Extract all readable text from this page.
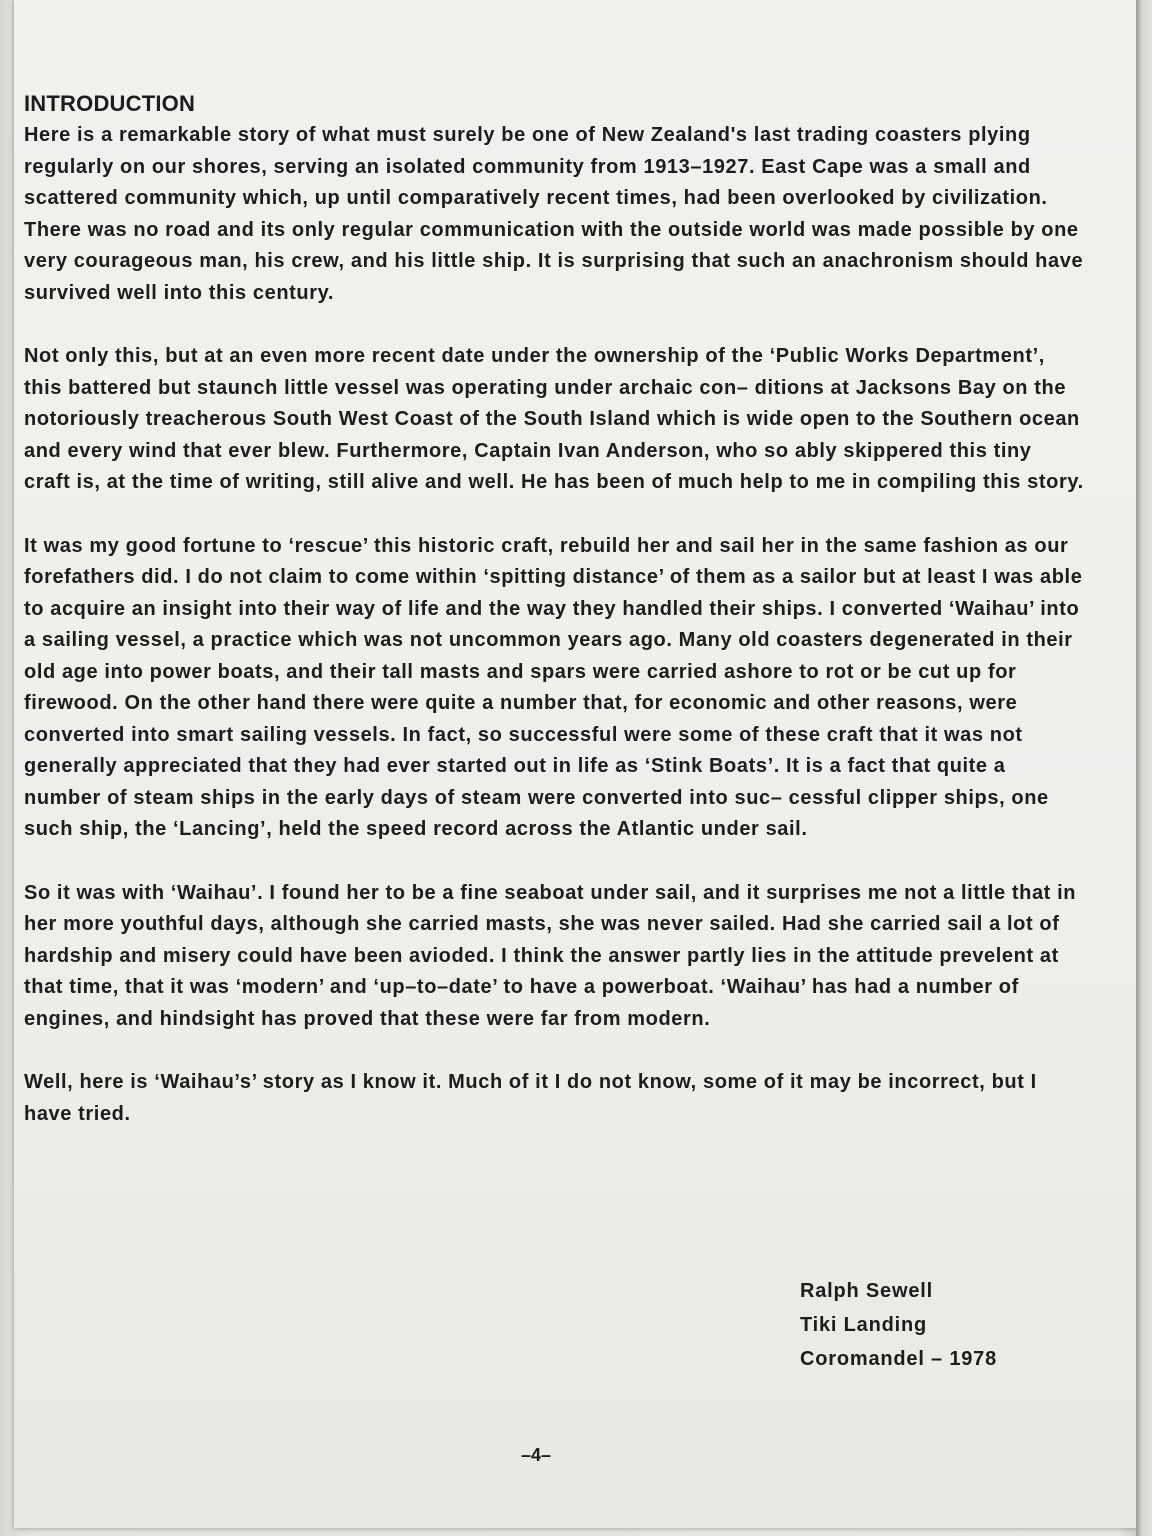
INTRODUCTION

Here is a remarkable story of what must surely be one of New Zealand's last trading coasters plying regularly on our shores, serving an isolated community from 1913–1927. East Cape was a small and scattered community which, up until comparatively recent times, had been overlooked by civilization. There was no road and its only regular communication with the outside world was made possible by one very courageous man, his crew, and his little ship. It is surprising that such an anachronism should have survived well into this century.

Not only this, but at an even more recent date under the ownership of the ‘Public Works Department’, this battered but staunch little vessel was operating under archaic con– ditions at Jacksons Bay on the notoriously treacherous South West Coast of the South Island which is wide open to the Southern ocean and every wind that ever blew. Furthermore, Captain Ivan Anderson, who so ably skippered this tiny craft is, at the time of writing, still alive and well. He has been of much help to me in compiling this story.

It was my good fortune to ‘rescue’ this historic craft, rebuild her and sail her in the same fashion as our forefathers did. I do not claim to come within ‘spitting distance’ of them as a sailor but at least I was able to acquire an insight into their way of life and the way they handled their ships. I converted ‘Waihau’ into a sailing vessel, a practice which was not uncommon years ago. Many old coasters degenerated in their old age into power boats, and their tall masts and spars were carried ashore to rot or be cut up for firewood. On the other hand there were quite a number that, for economic and other reasons, were converted into smart sailing vessels. In fact, so successful were some of these craft that it was not generally appreciated that they had ever started out in life as ‘Stink Boats’. It is a fact that quite a number of steam ships in the early days of steam were converted into suc– cessful clipper ships, one such ship, the ‘Lancing’, held the speed record across the Atlantic under sail.

So it was with ‘Waihau’. I found her to be a fine seaboat under sail, and it surprises me not a little that in her more youthful days, although she carried masts, she was never sailed. Had she carried sail a lot of hardship and misery could have been avioded. I think the answer partly lies in the attitude prevelent at that time, that it was ‘modern’ and ‘up–to–date’ to have a powerboat. ‘Waihau’ has had a number of engines, and hindsight has proved that these were far from modern.

Well, here is ‘Waihau’s’ story as I know it. Much of it I do not know, some of it may be incorrect, but I have tried.

Ralph Sewell
Tiki Landing
Coromandel – 1978
–4–
